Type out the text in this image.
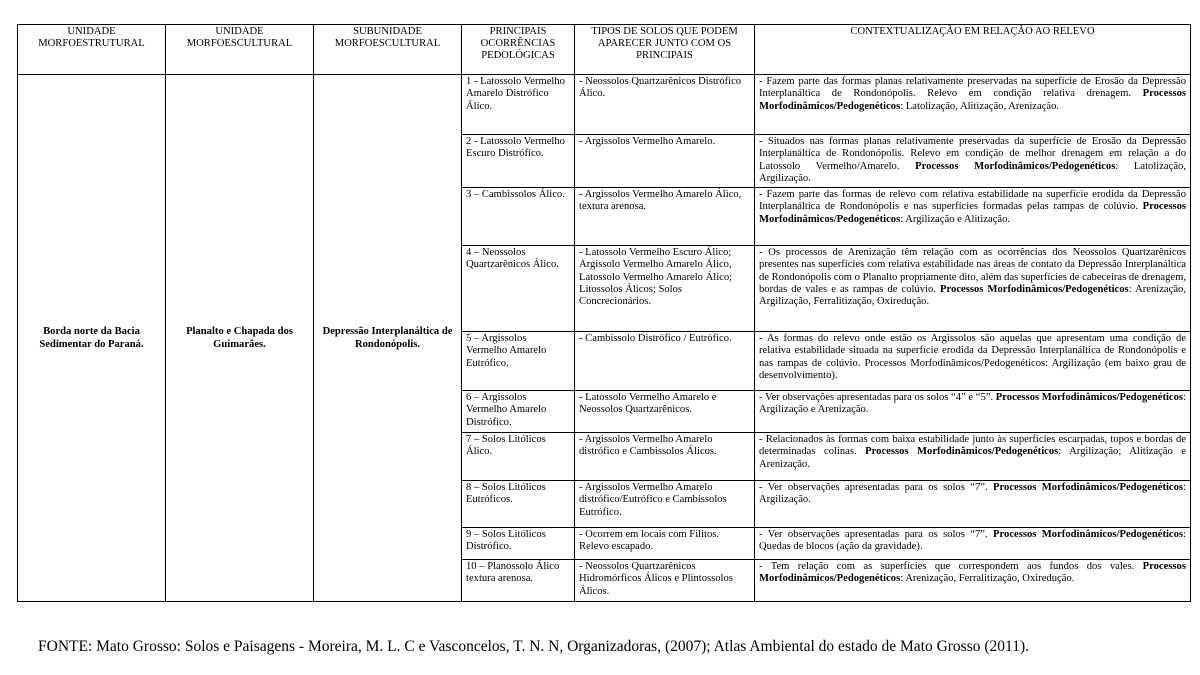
UNIDADE MORFOESTRUTURAL	UNIDADE MORFOESCULTURAL	SUBUNIDADE MORFOESCULTURAL	PRINCIPAIS OCORRÊNCIAS PEDOLÓGICAS	TIPOS DE SOLOS QUE PODEM APARECER JUNTO COM OS PRINCIPAIS	CONTEXTUALIZAÇÃO EM RELAÇÃO AO RELEVO
Borda norte da Bacia Sedimentar do Paraná.	Planalto e Chapada dos Guimarães.	Depressão Interplanáltica de Rondonópolis.	1 - Latossolo Vermelho Amarelo Distrófico Álico.	- Neossolos Quartzarênicos Distrófico Álico.	- Fazem parte das formas planas relativamente preservadas na superfície de Erosão da Depressão Interplanáltica de Rondonópolis. Relevo em condição relativa drenagem. Processos Morfodinâmicos/Pedogenéticos: Latolização, Alitização, Arenização.
			2 - Latossolo Vermelho Escuro Distrófico.	- Argissolos Vermelho Amarelo.	- Situados nas formas planas relativamente preservadas da superfície de Erosão da Depressão Interplanáltica de Rondonópolis. Relevo em condição de melhor drenagem em relação a do Latossolo Vermelho/Amarelo. Processos Morfodinâmicos/Pedogenéticos: Latolização, Argilização.
			3 – Cambissolos Álico.	- Argissolos Vermelho Amarelo Álico, textura arenosa.	- Fazem parte das formas de relevo com relativa estabilidade na superfície erodida da Depressão Interplanáltica de Rondonópolis e nas superfícies formadas pelas rampas de colúvio. Processos Morfodinâmicos/Pedogenéticos: Argilização e Alitização.
			4 – Neossolos Quartzarênicos Álico.	- Latossolo Vermelho Escuro Álico; Argissolo Vermelho Amarelo Álico, Latossolo Vermelho Amarelo Álico; Litossolos Álicos; Solos Concrecionários.	- Os processos de Arenização têm relação com as ocorrências dos Neossolos Quartzarênicos presentes nas superfícies com relativa estabilidade nas áreas de contato da Depressão Interplanáltica de Rondonópolis com o Planalto propriamente dito, além das superfícies de cabeceiras de drenagem, bordas de vales e as rampas de colúvio. Processos Morfodinâmicos/Pedogenéticos: Arenização, Argilização, Ferralitização, Oxiredução.
			5 – Argissolos Vermelho Amarelo Eutrófico.	- Cambissolo Distrófico / Eutrófico.	- As formas do relevo onde estão os Argissolos são aquelas que apresentam uma condição de relativa estabilidade situada na superfície erodida da Depressão Interplanáltica de Rondonópolis e nas rampas de colúvio. Processos Morfodinâmicos/Pedogenéticos: Argilização (em baixo grau de desenvolvimento).
			6 – Argissolos Vermelho Amarelo Distrófico.	- Latossolo Vermelho Amarelo e Neossolos Quartzarênicos.	- Ver observações apresentadas para os solos “4” e “5”. Processos Morfodinâmicos/Pedogenéticos: Argilização e Arenização.
			7 – Solos Litólicos Álico.	- Argissolos Vermelho Amarelo distrófico e Cambissolos Álicos.	- Relacionados às formas com baixa estabilidade junto às superfícies escarpadas, topos e bordas de determinadas colinas. Processos Morfodinâmicos/Pedogenéticos: Argilização; Alitização e Arenização.
			8 – Solos Litólicos Eutróficos.	- Argissolos Vermelho Amarelo distrófico/Eutrófico e Cambissolos Eutrófico.	- Ver observações apresentadas para os solos “7”. Processos Morfodinâmicos/Pedogenéticos: Argilização.
			9 – Solos Litólicos Distrófico.	- Ocorrem em locais com Filitos. Relevo escapado.	- Ver observações apresentadas para os solos “7”. Processos Morfodinâmicos/Pedogenéticos: Quedas de blocos (ação da gravidade).
			10 – Planossolo Álico textura arenosa.	- Neossolos Quartzarênicos Hidromórficos Álicos e Plintossolos Álicos.	- Tem relação com as superfícies que correspondem aos fundos dos vales. Processos Morfodinâmicos/Pedogenéticos: Arenização, Ferralitização, Oxiredução.
FONTE: Mato Grosso: Solos e Paisagens - Moreira, M. L. C e Vasconcelos, T. N. N, Organizadoras, (2007); Atlas Ambiental do estado de Mato Grosso (2011).
